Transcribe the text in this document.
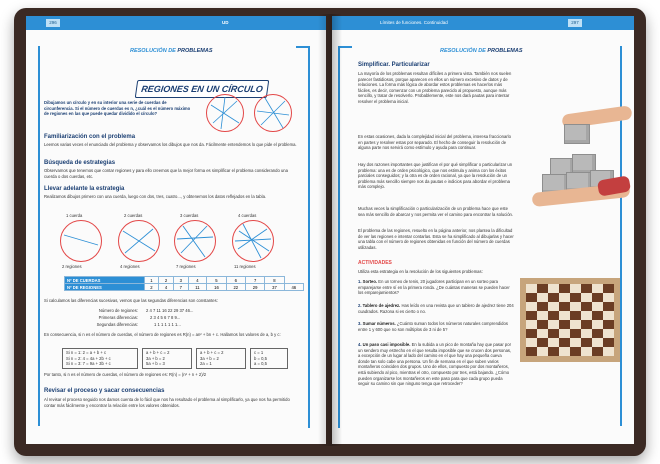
296	UD
RESOLUCIÓN DE PROBLEMAS
REGIONES EN UN CÍRCULO
Dibujamos un círculo y en su interior una serie de cuerdas de circunferencia. Si el número de cuerdas es n, ¿cuál es el número máximo de regiones en las que puede quedar dividido el círculo?
Familiarización con el problema
Leemos varias veces el enunciado del problema y observamos los dibujos que nos da. Fácilmente entendemos lo que pide el problema.
Búsqueda de estrategias
Observamos que tenemos que contar regiones y para ello creemos que la mejor forma es simplificar el problema considerando una cuerda o dos cuerdas, etc.
Llevar adelante la estrategia
Realizamos dibujos primero con una cuerda, luego con dos, tres, cuatro..., y obtenemos los datos reflejados en la tabla.
1 cuerda	2 cuerdas	3 cuerdas	4 cuerdas
2 regiones	4 regiones	7 regiones	11 regiones
Nº DE CUERDAS	1	2	3	4	5	6	7	8	
Nº DE REGIONES	2	4	7	11	16	22	29	37	46
Si calculamos las diferencias sucesivas, vemos que las segundas diferencias son constantes:
Número de regiones: 2 4 7 11 16 22 29 37 46...
Primeras diferencias:	2 3 4 5 6 7 8 9...
Segundas diferencias:	1 1 1 1 1 1 1...
En consecuencia, si n es el número de cuerdas, el número de regiones es R(n) = an² + bn + c. Hallamos los valores de a, b y c:
Si n = 1: 2 = a + b + c
Si n = 2: 4 = 4a + 2b + c
Si n = 3: 7 = 9a + 3b + c
a + b + c = 2
3a + b = 2
5a + b = 3
a + b + c = 2
3a + b = 2
2a = 1
c = 1
b = 0,5
a = 0,5
Por tanto, si n es el número de cuerdas, el número de regiones es: R(n) = (n² + n + 2)/2
Revisar el proceso y sacar consecuencias
Al revisar el proceso seguido nos damos cuenta de lo fácil que nos ha resultado el problema al simplificarlo, ya que nos ha permitido contar más fácilmente y encontrar la relación entre los valores obtenidos.
Límites de funciones. Continuidad	297
RESOLUCIÓN DE PROBLEMAS
Simplificar. Particularizar
La mayoría de los problemas resultan difíciles a primera vista. También nos suelen parecer fastidiosos, porque aparecen en ellos un número excesivo de datos y de relaciones. La forma más lógica de abordar estos problemas es hacerlos más fáciles, es decir, comenzar con un problema parecido al propuesto, aunque más sencillo, y tratar de resolverlo. Probablemente, este nos dará pautas para intentar resolver el problema inicial.
En estas ocasiones, dada la complejidad inicial del problema, interesa fraccionarlo en partes y resolver estas por separado. El hecho de conseguir la resolución de alguna parte nos servirá como estímulo y ayuda para continuar.
Hay dos razones importantes que justifican el por qué simplificar o particularizar un problema: una es de orden psicológico, que nos estimula y anima con los éxitos parciales conseguidos; y la otra es de orden racional, ya que la resolución de un problema más sencillo siempre nos da pautas e indicios para abordar el problema más complejo.
Muchas veces la simplificación o particularización de un problema hace que este sea más sencillo de abarcar y nos permita ver el camino para encontrar la solución.
El problema de las regiones, resuelto en la página anterior, nos plantea la dificultad de ver las regiones e intentar contarlas. Esta se ha simplificado al dibujarlas y hacer una tabla con el número de regiones obtenidas en función del número de cuerdas utilizadas.
ACTIVIDADES
Utiliza esta estrategia en la resolución de los siguientes problemas:
1. Sorteo. En un torneo de tenis, 20 jugadores participan en un sorteo para emparejarse entre sí en la primera ronda. ¿De cuántas maneras se pueden hacer los emparejamientos?
2. Tablero de ajedrez. Has leído en una revista que un tablero de ajedrez tiene 204 cuadrados. Razona si es cierto o no.
3. Sumar números. ¿Cuánto suman todos los números naturales comprendidos entre 1 y 600 que no son múltiplos de 3 ni de 5?
4. Un paso casi imposible. En la subida a un pico de montaña hay que pasar por un sendero muy estrecho en el que resulta imposible que se crucen dos personas, a excepción de un lugar al lado del camino en el que hay una pequeña cueva donde tan solo cabe una persona. Un fin de semana en el que suben varios montañeros coinciden dos grupos. Uno de ellos, compuesto por dos montañeros, está subiendo al pico, mientras el otro, compuesto por tres, está bajando. ¿Cómo pueden organizarse los montañeros en este paso para que cada grupo pueda seguir su camino sin que ninguno tenga que retroceder?
